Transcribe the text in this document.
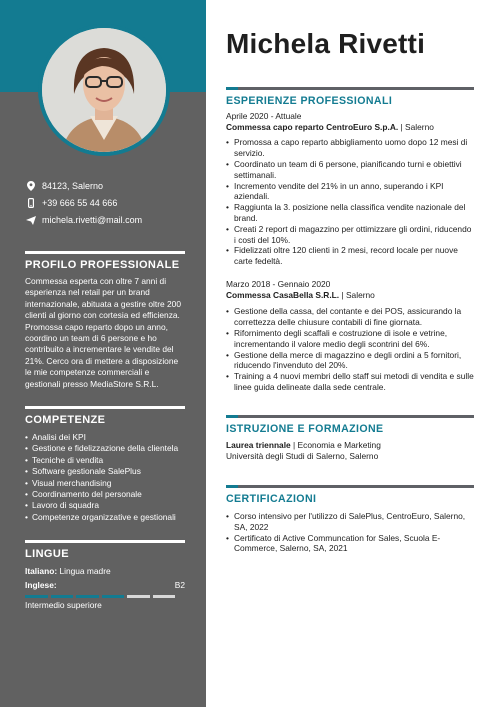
84123, Salerno
+39 666 55 44 666
michela.rivetti@mail.com
PROFILO PROFESSIONALE
Commessa esperta con oltre 7 anni di esperienza nel retail per un brand internazionale, abituata a gestire oltre 200 clienti al giorno con cortesia ed efficienza. Promossa capo reparto dopo un anno, coordino un team di 6 persone e ho contribuito a incrementare le vendite del 21%. Cerco ora di mettere a disposizione le mie competenze commerciali e gestionali presso MediaStore S.R.L.
COMPETENZE
• Analisi dei KPI
• Gestione e fidelizzazione della clientela
• Tecniche di vendita
• Software gestionale SalePlus
• Visual merchandising
• Coordinamento del personale
• Lavoro di squadra
• Competenze organizzative e gestionali
LINGUE
Italiano: Lingua madre
Inglese:	B2
Intermedio superiore
Michela Rivetti
ESPERIENZE PROFESSIONALI
Aprile 2020 - Attuale
Commessa capo reparto CentroEuro S.p.A. | Salerno
• Promossa a capo reparto abbigliamento uomo dopo 12 mesi di servizio.
• Coordinato un team di 6 persone, pianificando turni e obiettivi settimanali.
• Incremento vendite del 21% in un anno, superando i KPI aziendali.
• Raggiunta la 3. posizione nella classifica vendite nazionale del brand.
• Creati 2 report di magazzino per ottimizzare gli ordini, riducendo i costi del 10%.
• Fidelizzati oltre 120 clienti in 2 mesi, record locale per nuove carte fedeltà.
Marzo 2018 - Gennaio 2020
Commessa CasaBella S.R.L. | Salerno
• Gestione della cassa, del contante e dei POS, assicurando la correttezza delle chiusure contabili di fine giornata.
• Rifornimento degli scaffali e costruzione di isole e vetrine, incrementando il valore medio degli scontrini del 6%.
• Gestione della merce di magazzino e degli ordini a 5 fornitori, riducendo l'invenduto del 20%.
• Training a 4 nuovi membri dello staff sui metodi di vendita e sulle linee guida delineate dalla sede centrale.
ISTRUZIONE E FORMAZIONE
Laurea triennale | Economia e Marketing
Università degli Studi di Salerno, Salerno
CERTIFICAZIONI
• Corso intensivo per l'utilizzo di SalePlus, CentroEuro, Salerno, SA, 2022
• Certificato di Active Communcation for Sales, Scuola E-Commerce, Salerno, SA, 2021
